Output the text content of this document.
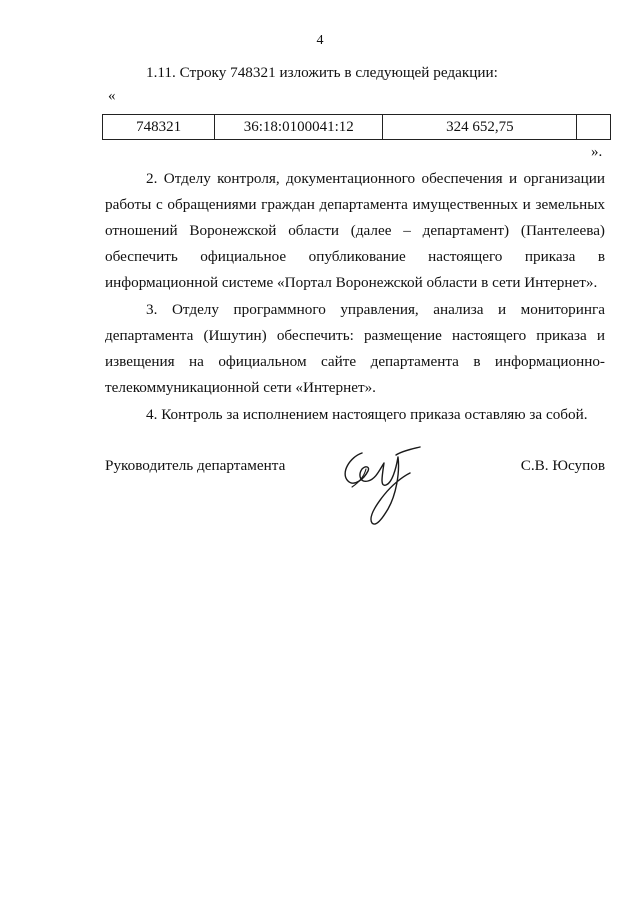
4
1.11. Строку 748321 изложить в следующей редакции:
«
748321	36:18:0100041:12	324 652,75	
».
2. Отделу контроля, документационного обеспечения и организации
работы с обращениями граждан департамента имущественных и земельных
отношений Воронежской области (далее – департамент) (Пантелеева)
обеспечить официальное опубликование настоящего приказа в
информационной системе «Портал Воронежской области в сети Интернет».
3. Отделу программного управления, анализа и мониторинга
департамента (Ишутин) обеспечить: размещение настоящего приказа и
извещения на официальном сайте департамента в информационно-
телекоммуникационной сети «Интернет».
4. Контроль за исполнением настоящего приказа оставляю за собой.
Руководитель департамента	С.В. Юсупов
